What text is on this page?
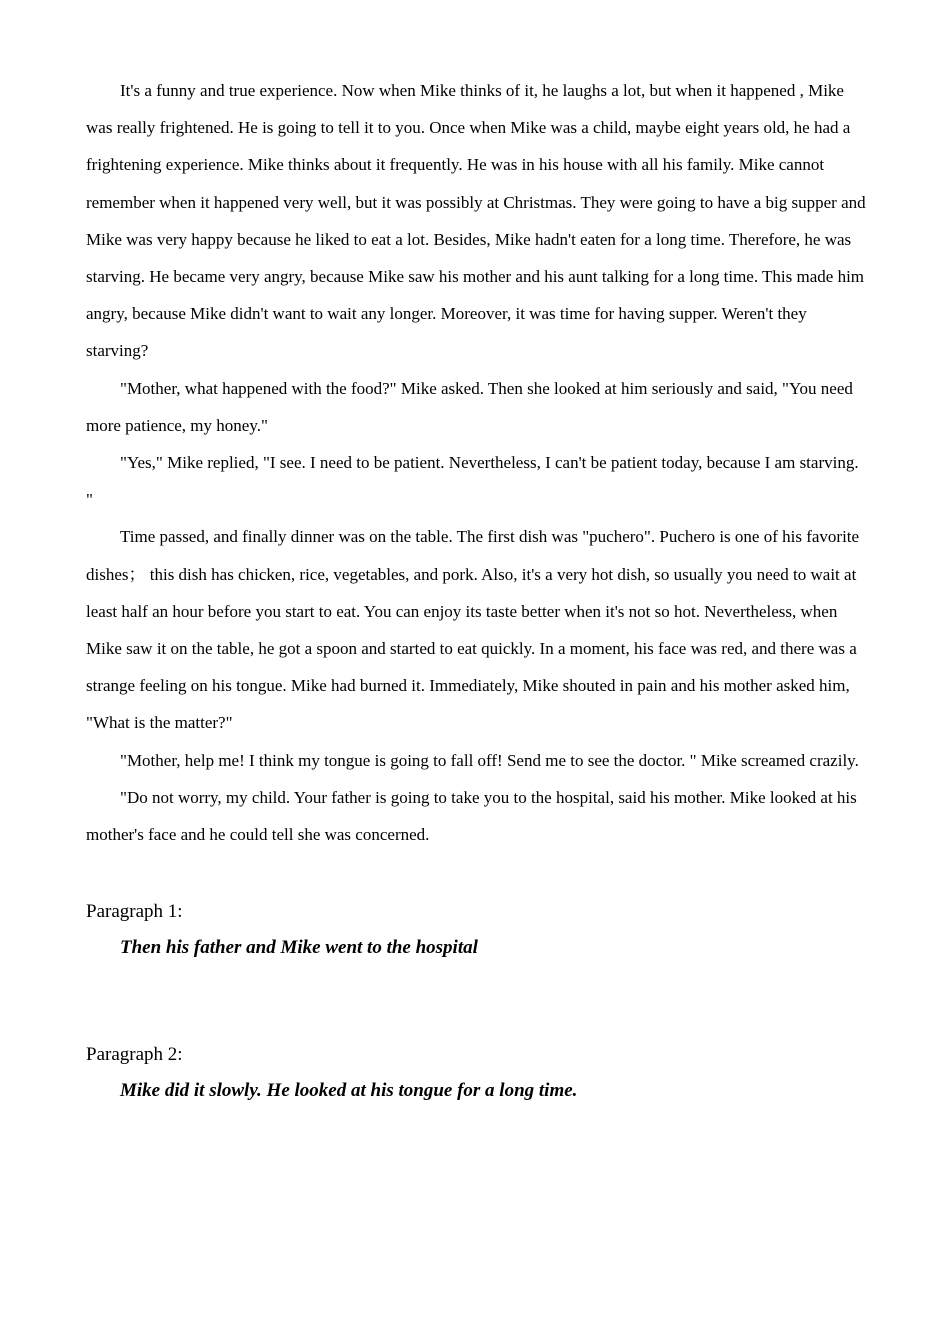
It's a funny and true experience. Now when Mike thinks of it, he laughs a lot, but when it happened , Mike was really frightened. He is going to tell it to you. Once when Mike was a child, maybe eight years old, he had a frightening experience. Mike thinks about it frequently. He was in his house with all his family. Mike cannot remember when it happened very well, but it was possibly at Christmas. They were going to have a big supper and Mike was very happy because he liked to eat a lot. Besides, Mike hadn't eaten for a long time. Therefore, he was starving. He became very angry, because Mike saw his mother and his aunt talking for a long time. This made him angry, because Mike didn't want to wait any longer. Moreover, it was time for having supper. Weren't they starving?

"Mother, what happened with the food?" Mike asked. Then she looked at him seriously and said, "You need more patience, my honey."

"Yes," Mike replied, "I see. I need to be patient. Nevertheless, I can't be patient today, because I am starving. "

Time passed, and finally dinner was on the table. The first dish was "puchero". Puchero is one of his favorite dishes； this dish has chicken, rice, vegetables, and pork. Also, it's a very hot dish, so usually you need to wait at least half an hour before you start to eat. You can enjoy its taste better when it's not so hot. Nevertheless, when Mike saw it on the table, he got a spoon and started to eat quickly. In a moment, his face was red, and there was a strange feeling on his tongue. Mike had burned it. Immediately, Mike shouted in pain and his mother asked him, "What is the matter?"

"Mother, help me! I think my tongue is going to fall off! Send me to see the doctor. " Mike screamed crazily.

"Do not worry, my child. Your father is going to take you to the hospital, said his mother. Mike looked at his mother's face and he could tell she was concerned.

Paragraph 1:

Then his father and Mike went to the hospital

Paragraph 2:

Mike did it slowly. He looked at his tongue for a long time.
